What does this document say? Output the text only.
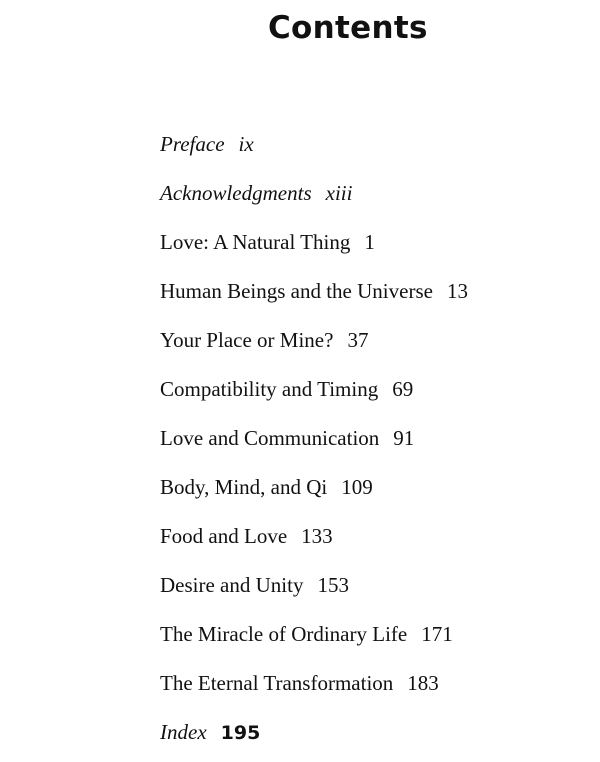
Contents
Preface ix
Acknowledgments xiii
Love: A Natural Thing 1
Human Beings and the Universe 13
Your Place or Mine? 37
Compatibility and Timing 69
Love and Communication 91
Body, Mind, and Qi 109
Food and Love 133
Desire and Unity 153
The Miracle of Ordinary Life 171
The Eternal Transformation 183
Index 195
